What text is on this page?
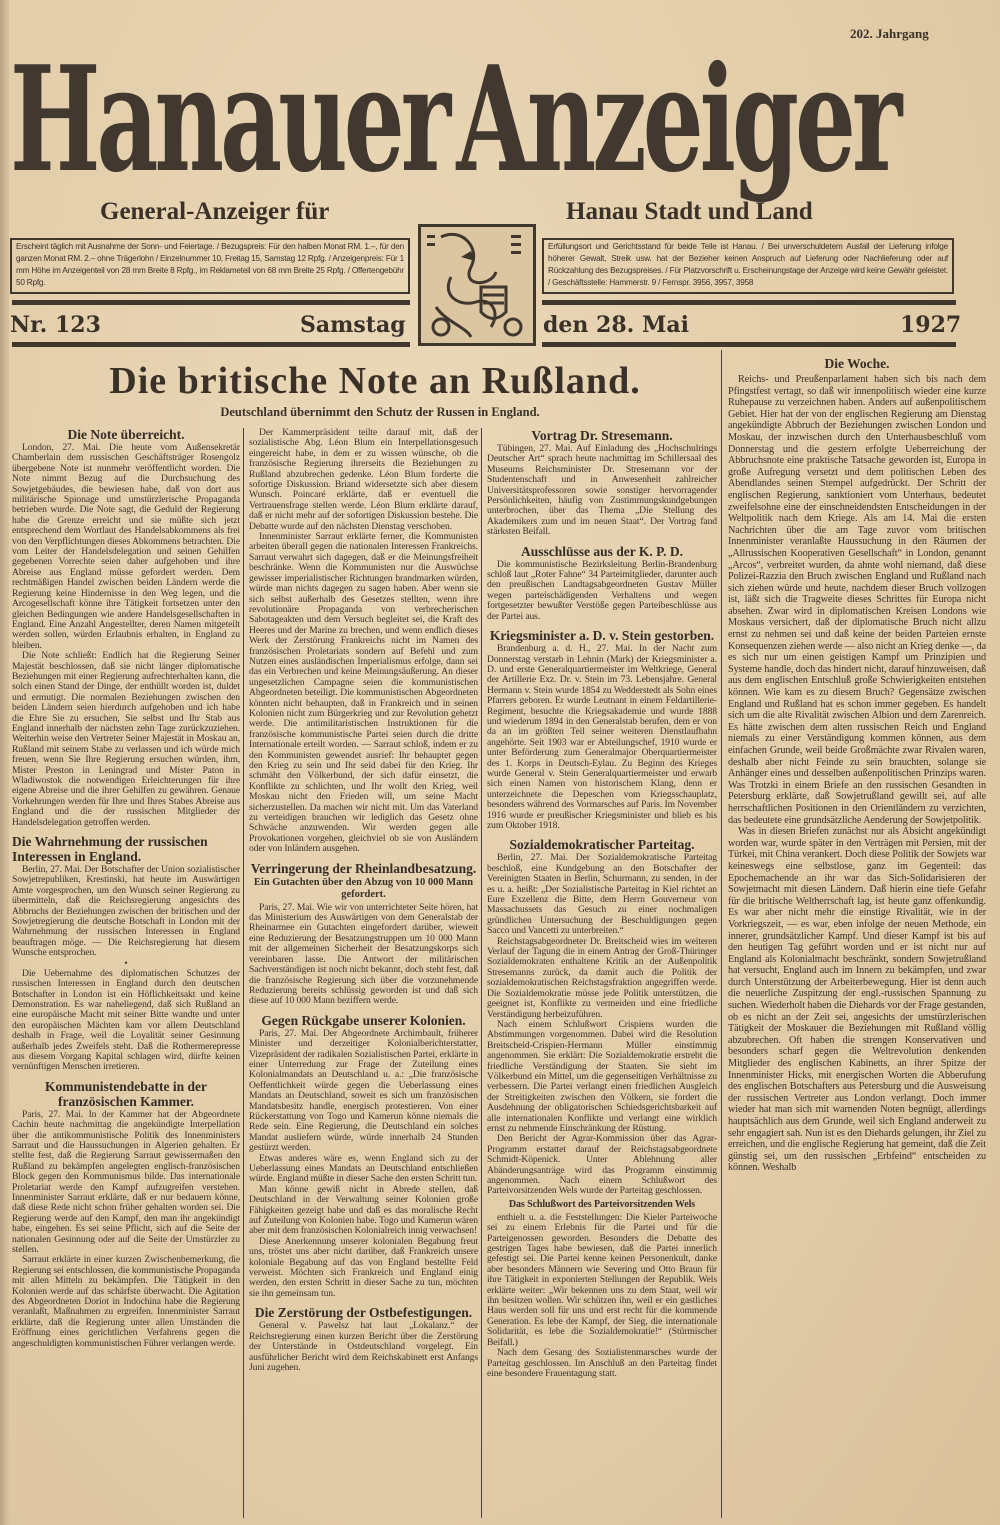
202. Jahrgang
HanauerAnzeiger
General-Anzeiger für	Hanau Stadt und Land
Erscheint täglich mit Ausnahme der Sonn- und Feiertage. / Bezugspreis: Für den halben Monat RM. 1.–, für den ganzen Monat RM. 2.– ohne Trägerlohn / Einzelnummer 10, Freitag 15, Samstag 12 Rpfg. / Anzeigenpreis: Für 1 mm Höhe im Anzeigenteil von 28 mm Breite 8 Rpfg., im Reklameteil von 68 mm Breite 25 Rpfg. / Offertengebühr 50 Rpfg.
Erfüllungsort und Gerichtsstand für beide Teile ist Hanau. / Bei unverschuldetem Ausfall der Lieferung infolge höherer Gewalt, Streik usw. hat der Bezieher keinen Anspruch auf Lieferung oder Nachlieferung oder auf Rückzahlung des Bezugspreises. / Für Platzvorschrift u. Erscheinungstage der Anzeige wird keine Gewähr geleistet. / Geschäftsstelle: Hammerstr. 9 / Fernspr. 3956, 3957, 3958
Nr. 123	Samstag	den 28. Mai	1927
Die britische Note an Rußland.
Deutschland übernimmt den Schutz der Russen in England.
Die Note überreicht.

London, 27. Mai. Die heute vom Außensekretär Chamberlain dem russischen Geschäftsträger Rosengolz übergebene Note ist nunmehr veröffentlicht worden. Die Note nimmt Bezug auf die Durchsuchung des Sowjetgebäudes, die bewiesen habe, daß von dort aus militärische Spionage und umstürzlerische Propaganda betrieben wurde. Die Note sagt, die Geduld der Regierung habe die Grenze erreicht und sie müßte sich jetzt entsprechend dem Wortlaut des Handelsabkommens als frei von den Verpflichtungen dieses Abkommens betrachten. Die vom Leiter der Handelsdelegation und seinen Gehilfen gegebenen Vorrechte seien daher aufgehoben und ihre Abreise aus England müsse gefordert werden. Dem rechtmäßigen Handel zwischen beiden Ländern werde die Regierung keine Hindernisse in den Weg legen, und die Arcogesellschaft könne ihre Tätigkeit fortsetzen unter den gleichen Bedingungen wie andere Handelsgesellschaften in England. Eine Anzahl Angestellter, deren Namen mitgeteilt werden sollen, würden Erlaubnis erhalten, in England zu bleiben.

Die Note schließt: Endlich hat die Regierung Seiner Majestät beschlossen, daß sie nicht länger diplomatische Beziehungen mit einer Regierung aufrechterhalten kann, die solch einen Stand der Dinge, der enthüllt worden ist, duldet und ermutigt. Die normalen Beziehungen zwischen den beiden Ländern seien hierdurch aufgehoben und ich habe die Ehre Sie zu ersuchen, Sie selbst und Ihr Stab aus England innerhalb der nächsten zehn Tage zurückzuziehen. Weiterhin weise den Vertreter Seiner Majestät in Moskau an, Rußland mit seinem Stabe zu verlassen und ich würde mich freuen, wenn Sie Ihre Regierung ersuchen würden, ihm, Mister Preston in Leningrad und Mister Paton in Wladiwostok die notwendigen Erleichterungen für ihre eigene Abreise und die ihrer Gehilfen zu gewähren. Genaue Vorkehrungen werden für Ihre und Ihres Stabes Abreise aus England und die der russischen Mitglieder der Handelsdelegation getroffen werden.

Die Wahrnehmung der russischen Interessen in England.

Berlin, 27. Mai. Der Botschafter der Union sozialistischer Sowjetrepubliken, Krestinski, hat heute im Auswärtigen Amte vorgesprochen, um den Wunsch seiner Regierung zu übermitteln, daß die Reichsregierung angesichts des Abbruchs der Beziehungen zwischen der britischen und der Sowjetregierung die deutsche Botschaft in London mit der Wahrnehmung der russischen Interessen in England beauftragen möge. — Die Reichsregierung hat diesem Wunsche entsprochen.

•

Die Uebernahme des diplomatischen Schutzes der russischen Interessen in England durch den deutschen Botschafter in London ist ein Höflichkeitsakt und keine Demonstration. Es war naheliegend, daß sich Rußland an eine europäische Macht mit seiner Bitte wandte und unter den europäischen Mächten kam vor allem Deutschland deshalb in Frage, weil die Loyalität seiner Gesinnung außerhalb jedes Zweifels steht. Daß die Rothermerepresse aus diesem Vorgang Kapital schlagen wird, dürfte keinen vernünftigen Menschen irretieren.

Kommunistendebatte in der französischen Kammer.

Paris, 27. Mai. In der Kammer hat der Abgeordnete Cachin heute nachmittag die angekündigte Interpellation über die antikommunistische Politik des Innenministers Sarraut und die Haussuchungen in Algerien gehalten. Er stellte fest, daß die Regierung Sarraut gewissermaßen den Rußland zu bekämpfen angelegten englisch-französischen Block gegen den Kommunismus bilde. Das internationale Proletariat werde den Kampf aufzugreifen verstehen. Innenminister Sarraut erklärte, daß er nur bedauern könne, daß diese Rede nicht schon früher gehalten worden sei. Die Regierung werde auf den Kampf, den man ihr angekündigt habe, eingehen. Es sei seine Pflicht, sich auf die Seite der nationalen Gesinnung oder auf die Seite der Umstürzler zu stellen.

Sarraut erklärte in einer kurzen Zwischenbemerkung, die Regierung sei entschlossen, die kommunistische Propaganda mit allen Mitteln zu bekämpfen. Die Tätigkeit in den Kolonien werde auf das schärfste überwacht. Die Agitation des Abgeordneten Doriot in Indochina habe die Regierung veranlaßt, Maßnahmen zu ergreifen. Innenminister Sarraut erklärte, daß die Regierung unter allen Umständen die Eröffnung eines gerichtlichen Verfahrens gegen die angeschuldigten kommunistischen Führer verlangen werde.

Der Kammerpräsident teilte darauf mit, daß der sozialistische Abg. Léon Blum ein Interpellationsgesuch eingereicht habe, in dem er zu wissen wünsche, ob die französische Regierung ihrerseits die Beziehungen zu Rußland abzubrechen gedenke. Léon Blum forderte die sofortige Diskussion. Briand widersetzte sich aber diesem Wunsch. Poincaré erklärte, daß er eventuell die Vertrauensfrage stellen werde. Léon Blum erklärte darauf, daß er nicht mehr auf der sofortigen Diskussion bestehe. Die Debatte wurde auf den nächsten Dienstag verschoben.

Innenminister Sarraut erklärte ferner, die Kommunisten arbeiten überall gegen die nationalen Interessen Frankreichs. Sarraut verwahrt sich dagegen, daß er die Meinungsfreiheit beschränke. Wenn die Kommunisten nur die Auswüchse gewisser imperialistischer Richtungen brandmarken würden, würde man nichts dagegen zu sagen haben. Aber wenn sie sich selbst außerhalb des Gesetzes stellten, wenn ihre revolutionäre Propaganda von verbrecherischen Sabotageakten und dem Versuch begleitet sei, die Kraft des Heeres und der Marine zu brechen, und wenn endlich dieses Werk der Zerstörung Frankreichs nicht im Namen des französischen Proletariats sondern auf Befehl und zum Nutzen eines ausländischen Imperialismus erfolge, dann sei das ein Verbrechen und keine Meinungsäußerung. An dieser ungesetzlichen Campagne seien die kommunistischen Abgeordneten beteiligt. Die kommunistischen Abgeordneten könnten nicht behaupten, daß in Frankreich und in seinen Kolonien nicht zum Bürgerkrieg und zur Revolution gehetzt werde. Die antimilitaristischen Instruktionen für die französische kommunistische Partei seien durch die dritte Internationale erteilt worden. — Sarraut schloß, indem er zu den Kommunisten gewendet ausrief: Ihr behauptet gegen den Krieg zu sein und Ihr seid dabei für den Krieg. Ihr schmäht den Völkerbund, der sich dafür einsetzt, die Konflikte zu schlichten, und Ihr wollt den Krieg, weil Moskau nicht den Frieden will, um seine Macht sicherzustellen. Da machen wir nicht mit. Um das Vaterland zu verteidigen brauchen wir lediglich das Gesetz ohne Schwäche anzuwenden. Wir werden gegen alle Provokationen vorgehen, gleichviel ob sie von Ausländern oder von Inländern ausgehen.

Verringerung der Rheinlandbesatzung.
Ein Gutachten über den Abzug von 10 000 Mann gefordert.

Paris, 27. Mai. Wie wir von unterrichteter Seite hören, hat das Ministerium des Auswärtigen von dem Generalstab der Rheinarmee ein Gutachten eingefordert darüber, wieweit eine Reduzierung der Besatzungstruppen um 10 000 Mann mit der allgemeinen Sicherheit der Besatzungskorps sich vereinbaren lasse. Die Antwort der militärischen Sachverständigen ist noch nicht bekannt, doch steht fest, daß die französische Regierung sich über die vorzunehmende Reduzierung bereits schlüssig geworden ist und daß sich diese auf 10 000 Mann beziffern werde.

Gegen Rückgabe unserer Kolonien.

Paris, 27. Mai. Der Abgeordnete Archimbault, früherer Minister und derzeitiger Kolonialberichterstatter, Vizepräsident der radikalen Sozialistischen Partei, erklärte in einer Unterredung zur Frage der Zuteilung eines Kolonialmandats an Deutschland u. a.: „Die französische Oeffentlichkeit würde gegen die Ueberlassung eines Mandats an Deutschland, soweit es sich um französischen Mandatsbesitz handle, energisch protestieren. Von einer Rückerstattung von Togo und Kamerun könne niemals die Rede sein. Eine Regierung, die Deutschland ein solches Mandat ausliefern würde, würde innerhalb 24 Stunden gestürzt werden.

Etwas anderes wäre es, wenn England sich zu der Ueberlassung eines Mandats an Deutschland entschließen würde. England müßte in dieser Sache den ersten Schritt tun.

Man könne gewiß nicht in Abrede stellen, daß Deutschland in der Verwaltung seiner Kolonien große Fähigkeiten gezeigt habe und daß es das moralische Recht auf Zuteilung von Kolonien habe. Togo und Kamerun wären aber mit dem französischen Kolonialreich innig verwachsen!

Diese Anerkennung unserer kolonialen Begabung freut uns, tröstet uns aber nicht darüber, daß Frankreich unsere koloniale Begabung auf das von England bestellte Feld verweist. Möchten sich Frankreich und England einig werden, den ersten Schritt in dieser Sache zu tun, möchten sie ihn gemeinsam tun.

Die Zerstörung der Ostbefestigungen.

General v. Pawelsz hat laut „Lokalanz.“ der Reichsregierung einen kurzen Bericht über die Zerstörung der Unterstände in Ostdeutschland vorgelegt. Ein ausführlicher Bericht wird dem Reichskabinett erst Anfangs Juni zugehen.

Vortrag Dr. Stresemann.

Tübingen, 27. Mai. Auf Einladung des „Hochschulrings Deutscher Art“ sprach heute nachmittag im Schillersaal des Museums Reichsminister Dr. Stresemann vor der Studentenschaft und in Anwesenheit zahlreicher Universitätsprofessoren sowie sonstiger hervorragender Persönlichkeiten, häufig von Zustimmungskundgebungen unterbrochen, über das Thema „Die Stellung des Akademikers zum und im neuen Staat“. Der Vortrag fand stärksten Beifall.

Ausschlüsse aus der K. P. D.

Die kommunistische Bezirksleitung Berlin-Brandenburg schloß laut „Roter Fahne“ 34 Parteimitglieder, darunter auch den preußischen Landtagsabgeordneten Gustav Müller wegen parteischädigenden Verhaltens und wegen fortgesetzter bewußter Verstöße gegen Parteibeschlüsse aus der Partei aus.

Kriegsminister a. D. v. Stein gestorben.

Brandenburg a. d. H., 27. Mai. In der Nacht zum Donnerstag verstarb in Lehnin (Mark) der Kriegsminister a. D. und erste Generalquartiermeister im Weltkriege, General der Artillerie Exz. Dr. v. Stein im 73. Lebensjahre. General Hermann v. Stein wurde 1854 zu Wedderstedt als Sohn eines Pfarrers geboren. Er wurde Leutnant in einem Feldartillerie-Regiment, besuchte die Kriegsakademie und wurde 1888 und wiederum 1894 in den Generalstab berufen, dem er von da an im größten Teil seiner weiteren Dienstlaufbahn angehörte. Seit 1903 war er Abteilungschef, 1910 wurde er unter Beförderung zum Generalmajor Oberquartiermeister des 1. Korps in Deutsch-Eylau. Zu Beginn des Krieges wurde General v. Stein Generalquartiermeister und erwarb sich einen Namen von historischem Klang, denn er unterzeichnete die Depeschen vom Kriegsschauplatz, besonders während des Vormarsches auf Paris. Im November 1916 wurde er preußischer Kriegsminister und blieb es bis zum Oktober 1918.

Sozialdemokratischer Parteitag.

Berlin, 27. Mai. Der Sozialdemokratische Parteitag beschloß, eine Kundgebung an den Botschafter der Vereinigten Staaten in Berlin, Schurmann, zu senden, in der es u. a. heißt: „Der Sozialistische Parteitag in Kiel richtet an Eure Exzellenz die Bitte, dem Herrn Gouverneur von Massachussets das Gesuch zu einer nochmaligen gründlichen Untersuchung der Beschuldigungen gegen Sacco und Vancetti zu unterbreiten.“

Reichstagsabgeordneter Dr. Breitscheid wies im weiteren Verlauf der Tagung die in einem Antrag der Groß-Thüringer Sozialdemokraten enthaltene Kritik an der Außenpolitik Stresemanns zurück, da damit auch die Politik der sozialdemokratischen Reichstagsfraktion angegriffen werde. Die Sozialdemokratie müsse jede Politik unterstützen, die geeignet ist, Konflikte zu vermeiden und eine friedliche Verständigung herbeizuführen.

Nach einem Schlußwort Crispiens wurden die Abstimmungen vorgenommen. Dabei wird die Resolution Breitscheid-Crispien-Hermann Müller einstimmig angenommen. Sie erklärt: Die Sozialdemokratie erstrebt die friedliche Verständigung der Staaten. Sie sieht im Völkerbund ein Mittel, um die gegenseitigen Verhältnisse zu verbessern. Die Partei verlangt einen friedlichen Ausgleich der Streitigkeiten zwischen den Völkern, sie fordert die Ausdehnung der obligatorischen Schiedsgerichtsbarkeit auf alle internationalen Konflikte und verlangt eine wirklich ernst zu nehmende Einschränkung der Rüstung.

Den Bericht der Agrar-Kommission über das Agrar-Programm erstattet darauf der Reichstagsabgeordnete Schmidt-Köpenick. Unter Ablehnung aller Abänderungsanträge wird das Programm einstimmig angenommen. Nach einem Schlußwort des Parteivorsitzenden Wels wurde der Parteitag geschlossen.

Das Schlußwort des Parteivorsitzenden Wels

enthielt u. a. die Feststellungen: Die Kieler Parteiwoche sei zu einem Erlebnis für die Partei und für die Parteigenossen geworden. Besonders die Debatte des gestrigen Tages habe bewiesen, daß die Partei innerlich gefestigt sei. Die Partei kenne keinen Personenkult, danke aber besonders Männern wie Severing und Otto Braun für ihre Tätigkeit in exponierten Stellungen der Republik. Wels erklärte weiter: „Wir bekennen uns zu dem Staat, weil wir ihn besitzen wollen. Wir schützen ihn, weil er ein gastliches Haus werden soll für uns und erst recht für die kommende Generation. Es lebe der Kampf, der Sieg, die internationale Solidarität, es lebe die Sozialdemokratie!“ (Stürmischer Beifall.)

Nach dem Gesang des Sozialistenmarsches wurde der Parteitag geschlossen. Im Anschluß an den Parteitag findet eine besondere Frauentagung statt.

Die Woche.

Reichs- und Preußenparlament haben sich bis nach dem Pfingstfest vertagt, so daß wir innenpolitisch wieder eine kurze Ruhepause zu verzeichnen haben. Anders auf außenpolitischem Gebiet. Hier hat der von der englischen Regierung am Dienstag angekündigte Abbruch der Beziehungen zwischen London und Moskau, der inzwischen durch den Unterhausbeschluß vom Donnerstag und die gestern erfolgte Ueberreichung der Abbruchsnote eine praktische Tatsache geworden ist, Europa in große Aufregung versetzt und dem politischen Leben des Abendlandes seinen Stempel aufgedrückt. Der Schritt der englischen Regierung, sanktioniert vom Unterhaus, bedeutet zweifelsohne eine der einschneidendsten Entscheidungen in der Weltpolitik nach dem Kriege. Als am 14. Mai die ersten Nachrichten über die am Tage zuvor vom britischen Innenminister veranlaßte Haussuchung in den Räumen der „Allrussischen Kooperativen Gesellschaft“ in London, genannt „Arcos“, verbreitet wurden, da ahnte wohl niemand, daß diese Polizei-Razzia den Bruch zwischen England und Rußland nach sich ziehen würde und heute, nachdem dieser Bruch vollzogen ist, läßt sich die Tragweite dieses Schrittes für Europa nicht absehen. Zwar wird in diplomatischen Kreisen Londons wie Moskaus versichert, daß der diplomatische Bruch nicht allzu ernst zu nehmen sei und daß keine der beiden Parteien ernste Konsequenzen ziehen werde — also nicht an Krieg denke —, da es sich nur um einen geistigen Kampf um Prinzipien und Systeme handle, doch das hindert nicht, darauf hinzuweisen, daß aus dem englischen Entschluß große Schwierigkeiten entstehen können. Wie kam es zu diesem Bruch? Gegensätze zwischen England und Rußland hat es schon immer gegeben. Es handelt sich um die alte Rivalität zwischen Albion und dem Zarenreich. Es hätte zwischen dem alten russischen Reich und England niemals zu einer Verständigung kommen können, aus dem einfachen Grunde, weil beide Großmächte zwar Rivalen waren, deshalb aber nicht Feinde zu sein brauchten, solange sie Anhänger eines und desselben außenpolitischen Prinzips waren. Was Trotzki in einem Briefe an den russischen Gesandten in Petersburg erklärte, daß Sowjetrußland gewillt sei, auf alle herrschaftlichen Positionen in den Orientländern zu verzichten, das bedeutete eine grundsätzliche Aenderung der Sowjetpolitik.

Was in diesen Briefen zunächst nur als Absicht angekündigt worden war, wurde später in den Verträgen mit Persien, mit der Türkei, mit China verankert. Doch diese Politik der Sowjets war keineswegs eine selbstlose, ganz im Gegenteil: das Epochemachende an ihr war das Sich-Solidarisieren der Sowjetmacht mit diesen Ländern. Daß hierin eine tiefe Gefahr für die britische Weltherrschaft lag, ist heute ganz offenkundig. Es war aber nicht mehr die einstige Rivalität, wie in der Vorkriegszeit, — es war, eben infolge der neuen Methode, ein innerer, grundsätzlicher Kampf. Und dieser Kampf ist bis auf den heutigen Tag geführt worden und er ist nicht nur auf England als Kolonialmacht beschränkt, sondern Sowjetrußland hat versucht, England auch im Innern zu bekämpfen, und zwar durch Unterstützung der Arbeiterbewegung. Hier ist denn auch die neuerliche Zuspitzung der engl.-russischen Spannung zu suchen. Wiederholt haben die Diehards vor der Frage gestanden, ob es nicht an der Zeit sei, angesichts der umstürzlerischen Tätigkeit der Moskauer die Beziehungen mit Rußland völlig abzubrechen. Oft haben die strengen Konservativen und besonders scharf gegen die Weltrevolution denkenden Mitglieder des englischen Kabinetts, an ihrer Spitze der Innenminister Hicks, mit energischen Worten die Abberufung des englischen Botschafters aus Petersburg und die Ausweisung der russischen Vertreter aus London verlangt. Doch immer wieder hat man sich mit warnenden Noten begnügt, allerdings hauptsächlich aus dem Grunde, weil sich England anderweit zu sehr engagiert sah. Nun ist es den Diehards gelungen, ihr Ziel zu erreichen, und die englische Regierung hat gemeint, daß die Zeit günstig sei, um den russischen „Erbfeind“ entscheiden zu können. Weshalb
